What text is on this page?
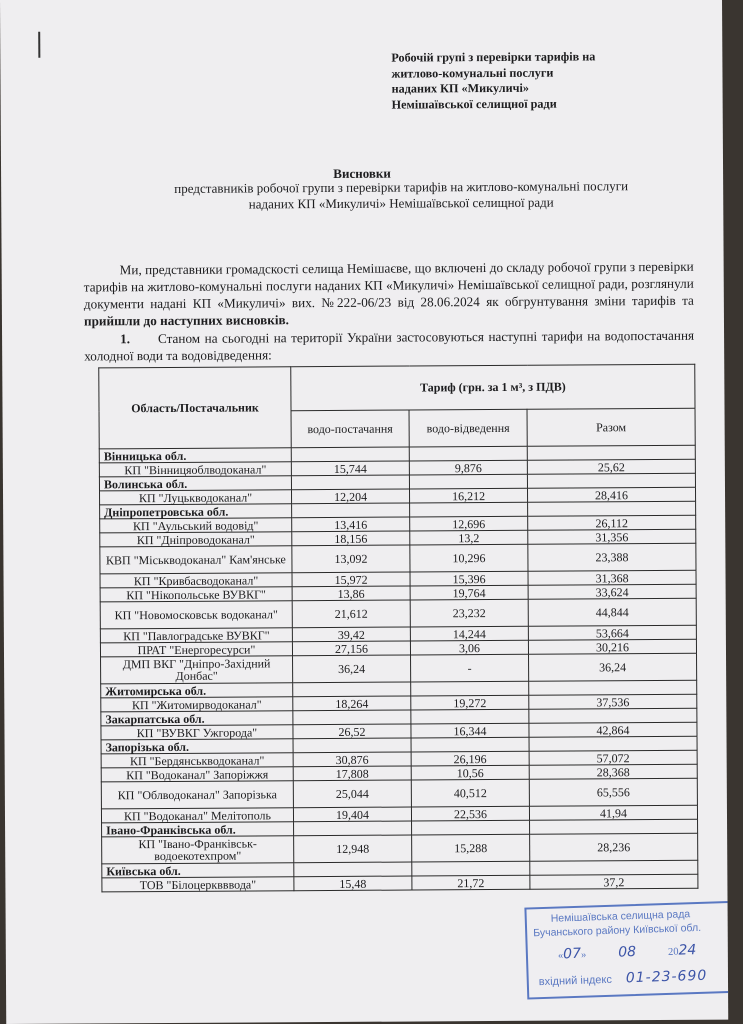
Робочій групі з перевірки тарифів на
житлово-комунальні послуги
наданих КП «Микуличі»
Немішаївської селищної ради
Висновки
представників робочої групи з перевірки тарифів на житлово-комунальні послуги
наданих КП «Микуличі» Немішаївської селищної ради
Ми, представники громадскості селища Немішаєве, що включені до складу робочої групи з перевірки тарифів на житлово-комунальні послуги наданих КП «Микуличі» Немішаївської селищної ради, розглянули документи надані КП «Микуличі» вих. №222-06/23 від 28.06.2024 як обгрунтування зміни тарифів та прийшли до наступних висновків.
1. Станом на сьогодні на території України застосовуються наступні тарифи на водопостачання холодної води та водовідведення:
Область/Постачальник	Тариф (грн. за 1 м³, з ПДВ)		
	водо-постачання	водо-відведення	Разом
Вінницька обл.			
КП "Вінницяоблводоканал"	15,744	9,876	25,62
Волинська обл.			
КП "Луцькводоканал"	12,204	16,212	28,416
Дніпропетровська обл.			
КП "Аульський водовід"	13,416	12,696	26,112
КП "Дніпроводоканал"	18,156	13,2	31,356
КВП "Міськводоканал" Кам'янське	13,092	10,296	23,388
КП "Кривбасводоканал"	15,972	15,396	31,368
КП "Нікопольське ВУВКГ"	13,86	19,764	33,624
КП "Новомосковськ водоканал"	21,612	23,232	44,844
КП "Павлоградське ВУВКГ"	39,42	14,244	53,664
ПРАТ "Енергоресурси"	27,156	3,06	30,216
ДМП ВКГ "Дніпро-Західний Донбас"	36,24	-	36,24
Житомирська обл.			
КП "Житомирводоканал"	18,264	19,272	37,536
Закарпатська обл.			
КП "ВУВКГ Ужгорода"	26,52	16,344	42,864
Запорізька обл.			
КП "Бердянськводоканал"	30,876	26,196	57,072
КП "Водоканал" Запоріжжя	17,808	10,56	28,368
КП "Облводоканал" Запорізька	25,044	40,512	65,556
КП "Водоканал" Мелітополь	19,404	22,536	41,94
Івано-Франківська обл.			
КП "Івано-Франківськ-водоекотехпром"	12,948	15,288	28,236
Київська обл.			
ТОВ "Білоцерквввода"	15,48	21,72	37,2
Немішаївська селищна рада
Бучанського району Київської обл.
«07» 08	2024
вхідний індекс 01-23-690
